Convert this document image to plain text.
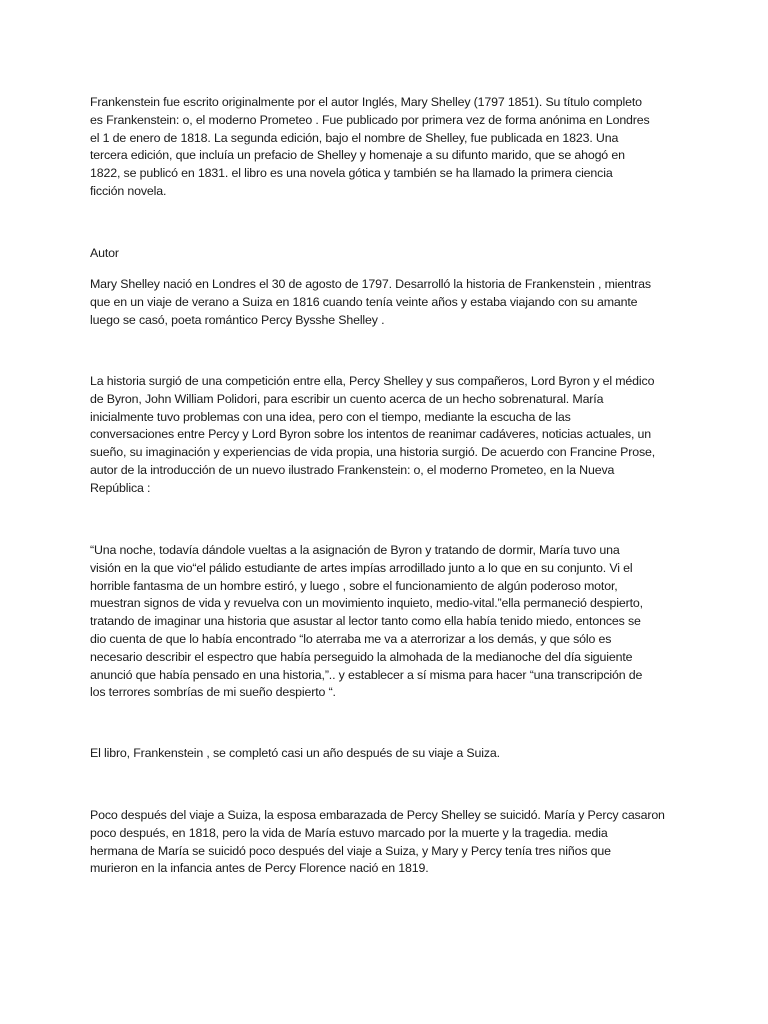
Frankenstein fue escrito originalmente por el autor Inglés, Mary Shelley (1797 1851). Su título completo
es Frankenstein: o, el moderno Prometeo . Fue publicado por primera vez de forma anónima en Londres
el 1 de enero de 1818. La segunda edición, bajo el nombre de Shelley, fue publicada en 1823. Una
tercera edición, que incluía un prefacio de Shelley y homenaje a su difunto marido, que se ahogó en
1822, se publicó en 1831. el libro es una novela gótica y también se ha llamado la primera ciencia
ficción novela.

Autor

Mary Shelley nació en Londres el 30 de agosto de 1797. Desarrolló la historia de Frankenstein , mientras
que en un viaje de verano a Suiza en 1816 cuando tenía veinte años y estaba viajando con su amante
luego se casó, poeta romántico Percy Bysshe Shelley .

La historia surgió de una competición entre ella, Percy Shelley y sus compañeros, Lord Byron y el médico
de Byron, John William Polidori, para escribir un cuento acerca de un hecho sobrenatural. María
inicialmente tuvo problemas con una idea, pero con el tiempo, mediante la escucha de las
conversaciones entre Percy y Lord Byron sobre los intentos de reanimar cadáveres, noticias actuales, un
sueño, su imaginación y experiencias de vida propia, una historia surgió. De acuerdo con Francine Prose,
autor de la introducción de un nuevo ilustrado Frankenstein: o, el moderno Prometeo, en la Nueva
República :

“Una noche, todavía dándole vueltas a la asignación de Byron y tratando de dormir, María tuvo una
visión en la que vio“el pálido estudiante de artes impías arrodillado junto a lo que en su conjunto. Vi el
horrible fantasma de un hombre estiró, y luego , sobre el funcionamiento de algún poderoso motor,
muestran signos de vida y revuelva con un movimiento inquieto, medio-vital.”ella permaneció despierto,
tratando de imaginar una historia que asustar al lector tanto como ella había tenido miedo, entonces se
dio cuenta de que lo había encontrado “lo aterraba me va a aterrorizar a los demás, y que sólo es
necesario describir el espectro que había perseguido la almohada de la medianoche del día siguiente
anunció que había pensado en una historia,”.. y establecer a sí misma para hacer “una transcripción de
los terrores sombrías de mi sueño despierto “.

El libro, Frankenstein , se completó casi un año después de su viaje a Suiza.

Poco después del viaje a Suiza, la esposa embarazada de Percy Shelley se suicidó. María y Percy casaron
poco después, en 1818, pero la vida de María estuvo marcado por la muerte y la tragedia. media
hermana de María se suicidó poco después del viaje a Suiza, y Mary y Percy tenía tres niños que
murieron en la infancia antes de Percy Florence nació en 1819.
